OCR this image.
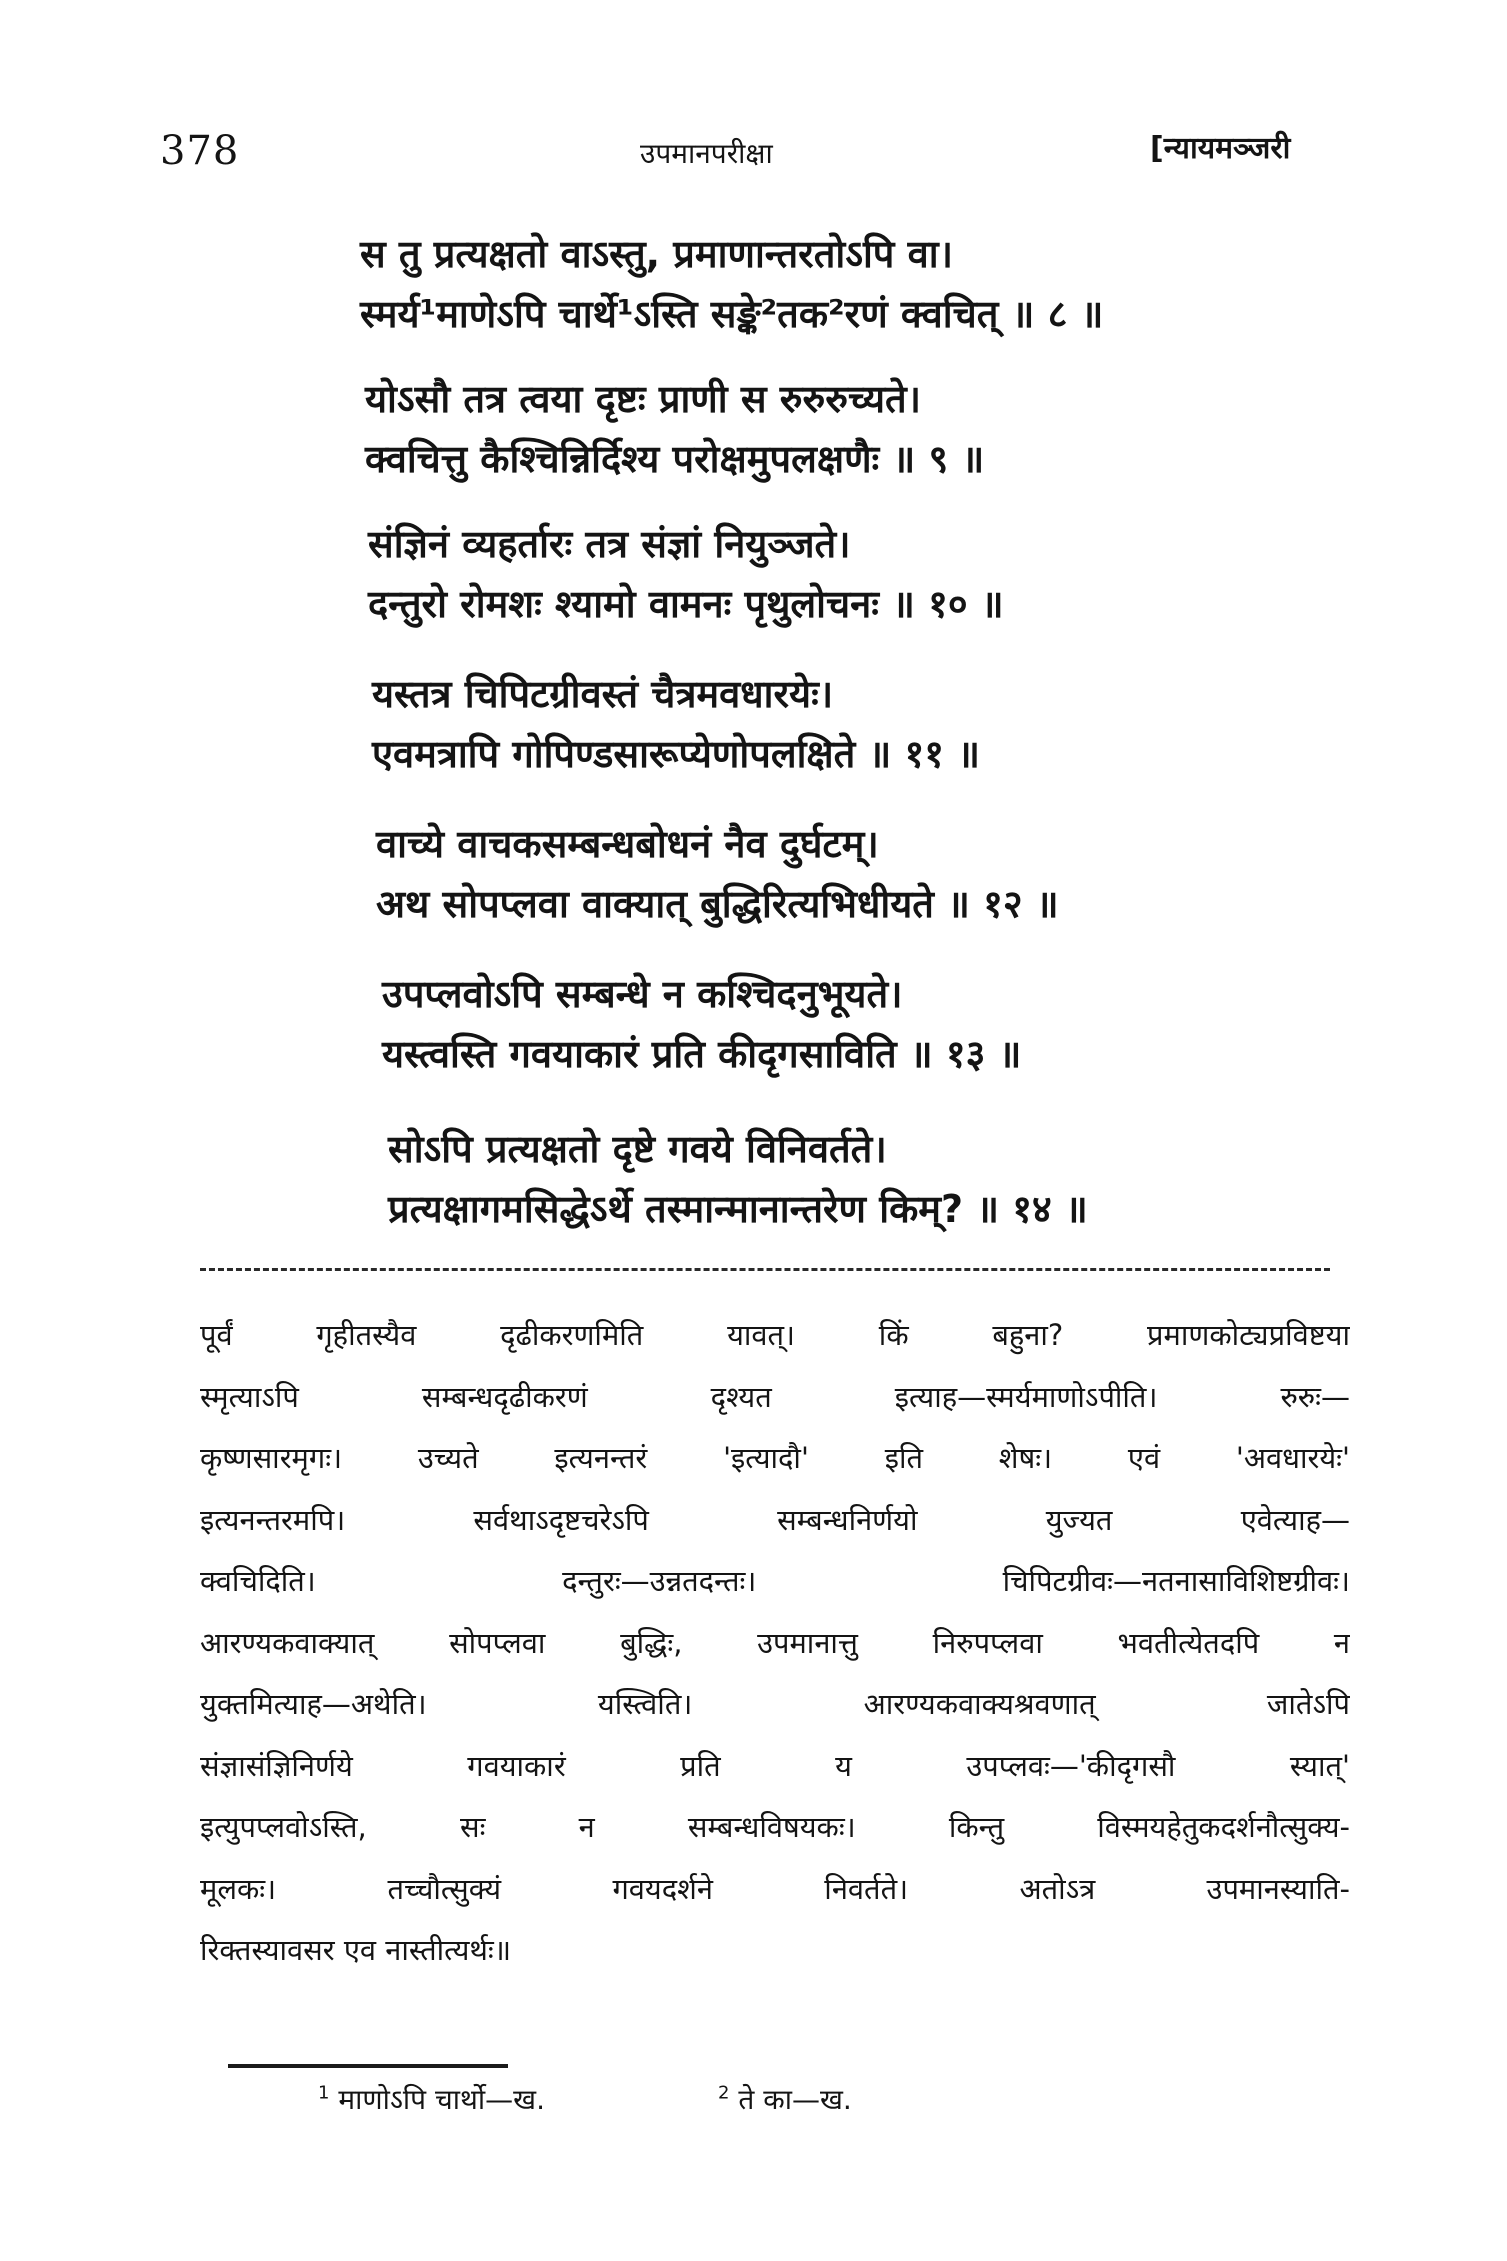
378	उपमानपरीक्षा	[न्यायमञ्जरी
स तु प्रत्यक्षतो वाऽस्तु, प्रमाणान्तरतोऽपि वा।
स्मर्य¹माणेऽपि चार्थे¹ऽस्ति सङ्के²तक²रणं क्वचित् ॥ ८ ॥
योऽसौ तत्र त्वया दृष्टः प्राणी स रुरुरुच्यते।
क्वचित्तु कैश्चिन्निर्दिश्य परोक्षमुपलक्षणैः ॥ ९ ॥
संज्ञिनं व्यहर्तारः तत्र संज्ञां नियुञ्जते।
दन्तुरो रोमशः श्यामो वामनः पृथुलोचनः ॥ १० ॥
यस्तत्र चिपिटग्रीवस्तं चैत्रमवधारयेः।
एवमत्रापि गोपिण्डसारूप्येणोपलक्षिते ॥ ११ ॥
वाच्ये वाचकसम्बन्धबोधनं नैव दुर्घटम्।
अथ सोपप्लवा वाक्यात् बुद्धिरित्यभिधीयते ॥ १२ ॥
उपप्लवोऽपि सम्बन्धे न कश्चिदनुभूयते।
यस्त्वस्ति गवयाकारं प्रति कीदृगसाविति ॥ १३ ॥
सोऽपि प्रत्यक्षतो दृष्टे गवये विनिवर्तते।
प्रत्यक्षागमसिद्धेऽर्थे तस्मान्मानान्तरेण किम्? ॥ १४ ॥
पूर्वं गृहीतस्यैव दृढीकरणमिति यावत्। किं बहुना? प्रमाणकोट्यप्रविष्टया
स्मृत्याऽपि सम्बन्धदृढीकरणं दृश्यत इत्याह—स्मर्यमाणोऽपीति। रुरुः—
कृष्णसारमृगः। उच्यते इत्यनन्तरं 'इत्यादौ' इति शेषः। एवं 'अवधारयेः'
इत्यनन्तरमपि। सर्वथाऽदृष्टचरेऽपि सम्बन्धनिर्णयो युज्यत एवेत्याह—
क्वचिदिति। दन्तुरः—उन्नतदन्तः। चिपिटग्रीवः—नतनासाविशिष्टग्रीवः।
आरण्यकवाक्यात् सोपप्लवा बुद्धिः, उपमानात्तु निरुपप्लवा भवतीत्येतदपि न
युक्तमित्याह—अथेति। यस्त्विति। आरण्यकवाक्यश्रवणात् जातेऽपि
संज्ञासंज्ञिनिर्णये गवयाकारं प्रति य उपप्लवः—'कीदृगसौ स्यात्'
इत्युपप्लवोऽस्ति, सः न सम्बन्धविषयकः। किन्तु विस्मयहेतुकदर्शनौत्सुक्य-
मूलकः। तच्चौत्सुक्यं गवयदर्शने निवर्तते। अतोऽत्र उपमानस्याति-
रिक्तस्यावसर एव नास्तीत्यर्थः॥
$^1$ माणोऽपि चार्थो—ख.	$^2$ ते का—ख.
